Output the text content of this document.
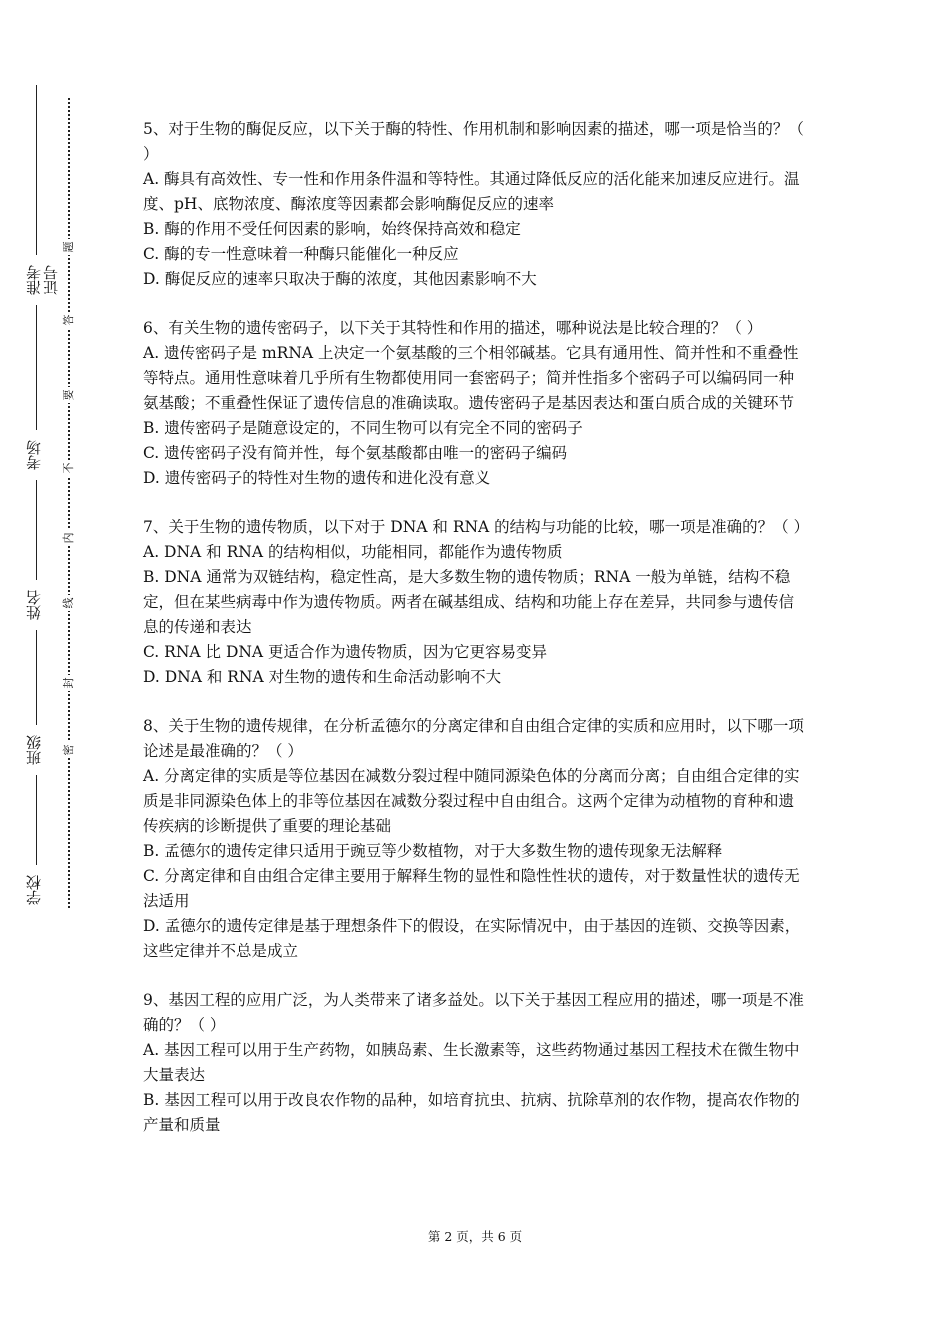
准考证号
考场
姓名
班级
学校
密
封
线
内
不
要
答
题

5、对于生物的酶促反应，以下关于酶的特性、作用机制和影响因素的描述，哪一项是恰当的？（ ）

A. 酶具有高效性、专一性和作用条件温和等特性。其通过降低反应的活化能来加速反应进行。温度、pH、底物浓度、酶浓度等因素都会影响酶促反应的速率

B. 酶的作用不受任何因素的影响，始终保持高效和稳定

C. 酶的专一性意味着一种酶只能催化一种反应

D. 酶促反应的速率只取决于酶的浓度，其他因素影响不大

6、有关生物的遗传密码子，以下关于其特性和作用的描述，哪种说法是比较合理的？（ ）

A. 遗传密码子是 mRNA 上决定一个氨基酸的三个相邻碱基。它具有通用性、简并性和不重叠性等特点。通用性意味着几乎所有生物都使用同一套密码子；简并性指多个密码子可以编码同一种氨基酸；不重叠性保证了遗传信息的准确读取。遗传密码子是基因表达和蛋白质合成的关键环节

B. 遗传密码子是随意设定的，不同生物可以有完全不同的密码子

C. 遗传密码子没有简并性，每个氨基酸都由唯一的密码子编码

D. 遗传密码子的特性对生物的遗传和进化没有意义

7、关于生物的遗传物质，以下对于 DNA 和 RNA 的结构与功能的比较，哪一项是准确的？（ ）

A. DNA 和 RNA 的结构相似，功能相同，都能作为遗传物质

B. DNA 通常为双链结构，稳定性高，是大多数生物的遗传物质；RNA 一般为单链，结构不稳定，但在某些病毒中作为遗传物质。两者在碱基组成、结构和功能上存在差异，共同参与遗传信息的传递和表达

C. RNA 比 DNA 更适合作为遗传物质，因为它更容易变异

D. DNA 和 RNA 对生物的遗传和生命活动影响不大

8、关于生物的遗传规律，在分析孟德尔的分离定律和自由组合定律的实质和应用时，以下哪一项论述是最准确的？（ ）

A. 分离定律的实质是等位基因在减数分裂过程中随同源染色体的分离而分离；自由组合定律的实质是非同源染色体上的非等位基因在减数分裂过程中自由组合。这两个定律为动植物的育种和遗传疾病的诊断提供了重要的理论基础

B. 孟德尔的遗传定律只适用于豌豆等少数植物，对于大多数生物的遗传现象无法解释

C. 分离定律和自由组合定律主要用于解释生物的显性和隐性性状的遗传，对于数量性状的遗传无法适用

D. 孟德尔的遗传定律是基于理想条件下的假设，在实际情况中，由于基因的连锁、交换等因素，这些定律并不总是成立

9、基因工程的应用广泛，为人类带来了诸多益处。以下关于基因工程应用的描述，哪一项是不准确的？（ ）

A. 基因工程可以用于生产药物，如胰岛素、生长激素等，这些药物通过基因工程技术在微生物中大量表达

B. 基因工程可以用于改良农作物的品种，如培育抗虫、抗病、抗除草剂的农作物，提高农作物的产量和质量

第 2 页，共 6 页
